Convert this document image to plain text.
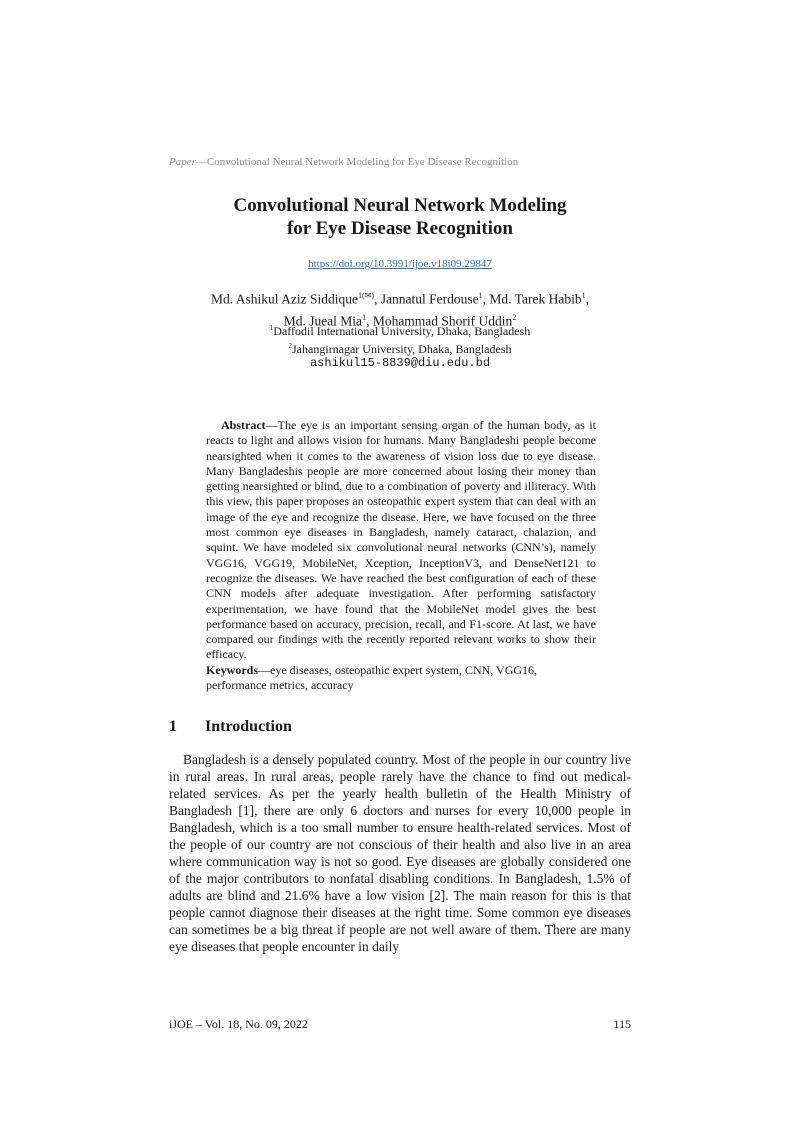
Paper—Convolutional Neural Network Modeling for Eye Disease Recognition
Convolutional Neural Network Modeling
for Eye Disease Recognition
https://doi.org/10.3991/ijoe.v18i09.29847
Md. Ashikul Aziz Siddique$^{1(✉)}$, Jannatul Ferdouse$^1$, Md. Tarek Habib$^1$,
Md. Jueal Mia$^1$, Mohammad Shorif Uddin$^2$
$^1$Daffodil International University, Dhaka, Bangladesh
$^2$Jahangirnagar University, Dhaka, Bangladesh
ashikul15-8839@diu.edu.bd

Abstract—The eye is an important sensing organ of the human body, as it reacts to light and allows vision for humans. Many Bangladeshi people become nearsighted when it comes to the awareness of vision loss due to eye disease. Many Bangladeshis people are more concerned about losing their money than getting nearsighted or blind, due to a combination of poverty and illiteracy. With this view, this paper proposes an osteopathic expert system that can deal with an image of the eye and recognize the disease. Here, we have focused on the three most common eye diseases in Bangladesh, namely cataract, chalazion, and squint. We have modeled six convolutional neural networks (CNN’s), namely VGG16, VGG19, MobileNet, Xception, InceptionV3, and DenseNet121 to recognize the diseases. We have reached the best configuration of each of these CNN models after adequate investigation. After performing satisfactory experimentation, we have found that the MobileNet model gives the best performance based on accuracy, precision, recall, and F1-score. At last, we have compared our findings with the recently reported relevant works to show their efficacy.

Keywords—eye diseases, osteopathic expert system, CNN, VGG16, performance metrics, accuracy

1 Introduction

Bangladesh is a densely populated country. Most of the people in our country live in rural areas. In rural areas, people rarely have the chance to find out medical-related services. As per the yearly health bulletin of the Health Ministry of Bangladesh [1], there are only 6 doctors and nurses for every 10,000 people in Bangladesh, which is a too small number to ensure health-related services. Most of the people of our country are not conscious of their health and also live in an area where communication way is not so good. Eye diseases are globally considered one of the major contributors to nonfatal disabling conditions. In Bangladesh, 1.5% of adults are blind and 21.6% have a low vision [2]. The main reason for this is that people cannot diagnose their diseases at the right time. Some common eye diseases can sometimes be a big threat if people are not well aware of them. There are many eye diseases that people encounter in daily

iJOE – Vol. 18, No. 09, 2022	115
